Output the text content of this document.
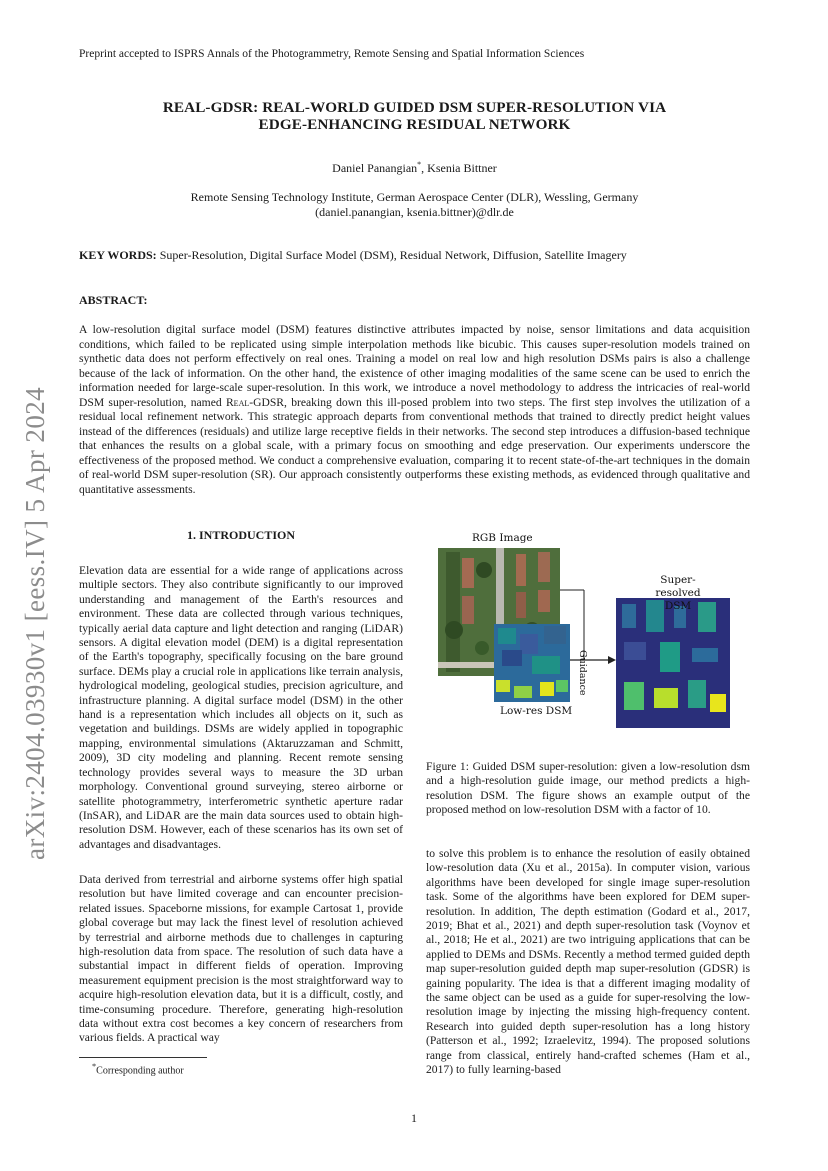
Preprint accepted to ISPRS Annals of the Photogrammetry, Remote Sensing and Spatial Information Sciences
REAL-GDSR: REAL-WORLD GUIDED DSM SUPER-RESOLUTION VIA
EDGE-ENHANCING RESIDUAL NETWORK
Daniel Panangian*, Ksenia Bittner
Remote Sensing Technology Institute, German Aerospace Center (DLR), Wessling, Germany
(daniel.panangian, ksenia.bittner)@dlr.de
KEY WORDS: Super-Resolution, Digital Surface Model (DSM), Residual Network, Diffusion, Satellite Imagery
ABSTRACT:
A low-resolution digital surface model (DSM) features distinctive attributes impacted by noise, sensor limitations and data acquisition conditions, which failed to be replicated using simple interpolation methods like bicubic. This causes super-resolution models trained on synthetic data does not perform effectively on real ones. Training a model on real low and high resolution DSMs pairs is also a challenge because of the lack of information. On the other hand, the existence of other imaging modalities of the same scene can be used to enrich the information needed for large-scale super-resolution. In this work, we introduce a novel methodology to address the intricacies of real-world DSM super-resolution, named Real-GDSR, breaking down this ill-posed problem into two steps. The first step involves the utilization of a residual local refinement network. This strategic approach departs from conventional methods that trained to directly predict height values instead of the differences (residuals) and utilize large receptive fields in their networks. The second step introduces a diffusion-based technique that enhances the results on a global scale, with a primary focus on smoothing and edge preservation. Our experiments underscore the effectiveness of the proposed method. We conduct a comprehensive evaluation, comparing it to recent state-of-the-art techniques in the domain of real-world DSM super-resolution (SR). Our approach consistently outperforms these existing methods, as evidenced through qualitative and quantitative assessments.
1. INTRODUCTION
Elevation data are essential for a wide range of applications across multiple sectors. They also contribute significantly to our improved understanding and management of the Earth's resources and environment. These data are collected through various techniques, typically aerial data capture and light detection and ranging (LiDAR) sensors. A digital elevation model (DEM) is a digital representation of the Earth's topography, specifically focusing on the bare ground surface. DEMs play a crucial role in applications like terrain analysis, hydrological modeling, geological studies, precision agriculture, and infrastructure planning. A digital surface model (DSM) in the other hand is a representation which includes all objects on it, such as vegetation and buildings. DSMs are widely applied in topographic mapping, environmental simulations (Aktaruzzaman and Schmitt, 2009), 3D city modeling and planning. Recent remote sensing technology provides several ways to measure the 3D urban morphology. Conventional ground surveying, stereo airborne or satellite photogrammetry, interferometric synthetic aperture radar (InSAR), and LiDAR are the main data sources used to obtain high-resolution DSM. However, each of these scenarios has its own set of advantages and disadvantages.
Data derived from terrestrial and airborne systems offer high spatial resolution but have limited coverage and can encounter precision-related issues. Spaceborne missions, for example Cartosat 1, provide global coverage but may lack the finest level of resolution achieved by terrestrial and airborne methods due to challenges in capturing high-resolution data from space. The resolution of such data have a substantial impact in different fields of operation. Improving measurement equipment precision is the most straightforward way to acquire high-resolution elevation data, but it is a difficult, costly, and time-consuming procedure. Therefore, generating high-resolution data without extra cost becomes a key concern of researchers from various fields. A practical way
RGB Image
Super-resolved
DSM
Guidance
Low-res DSM
Figure 1: Guided DSM super-resolution: given a low-resolution dsm and a high-resolution guide image, our method predicts a high-resolution DSM. The figure shows an example output of the proposed method on low-resolution DSM with a factor of 10.
to solve this problem is to enhance the resolution of easily obtained low-resolution data (Xu et al., 2015a). In computer vision, various algorithms have been developed for single image super-resolution task. Some of the algorithms have been explored for DEM super-resolution. In addition, The depth estimation (Godard et al., 2017, 2019; Bhat et al., 2021) and depth super-resolution task (Voynov et al., 2018; He et al., 2021) are two intriguing applications that can be applied to DEMs and DSMs. Recently a method termed guided depth map super-resolution guided depth map super-resolution (GDSR) is gaining popularity. The idea is that a different imaging modality of the same object can be used as a guide for super-resolving the low-resolution image by injecting the missing high-frequency content. Research into guided depth super-resolution has a long history (Patterson et al., 1992; Izraelevitz, 1994). The proposed solutions range from classical, entirely hand-crafted schemes (Ham et al., 2017) to fully learning-based
*Corresponding author
1
arXiv:2404.03930v1 [eess.IV] 5 Apr 2024
